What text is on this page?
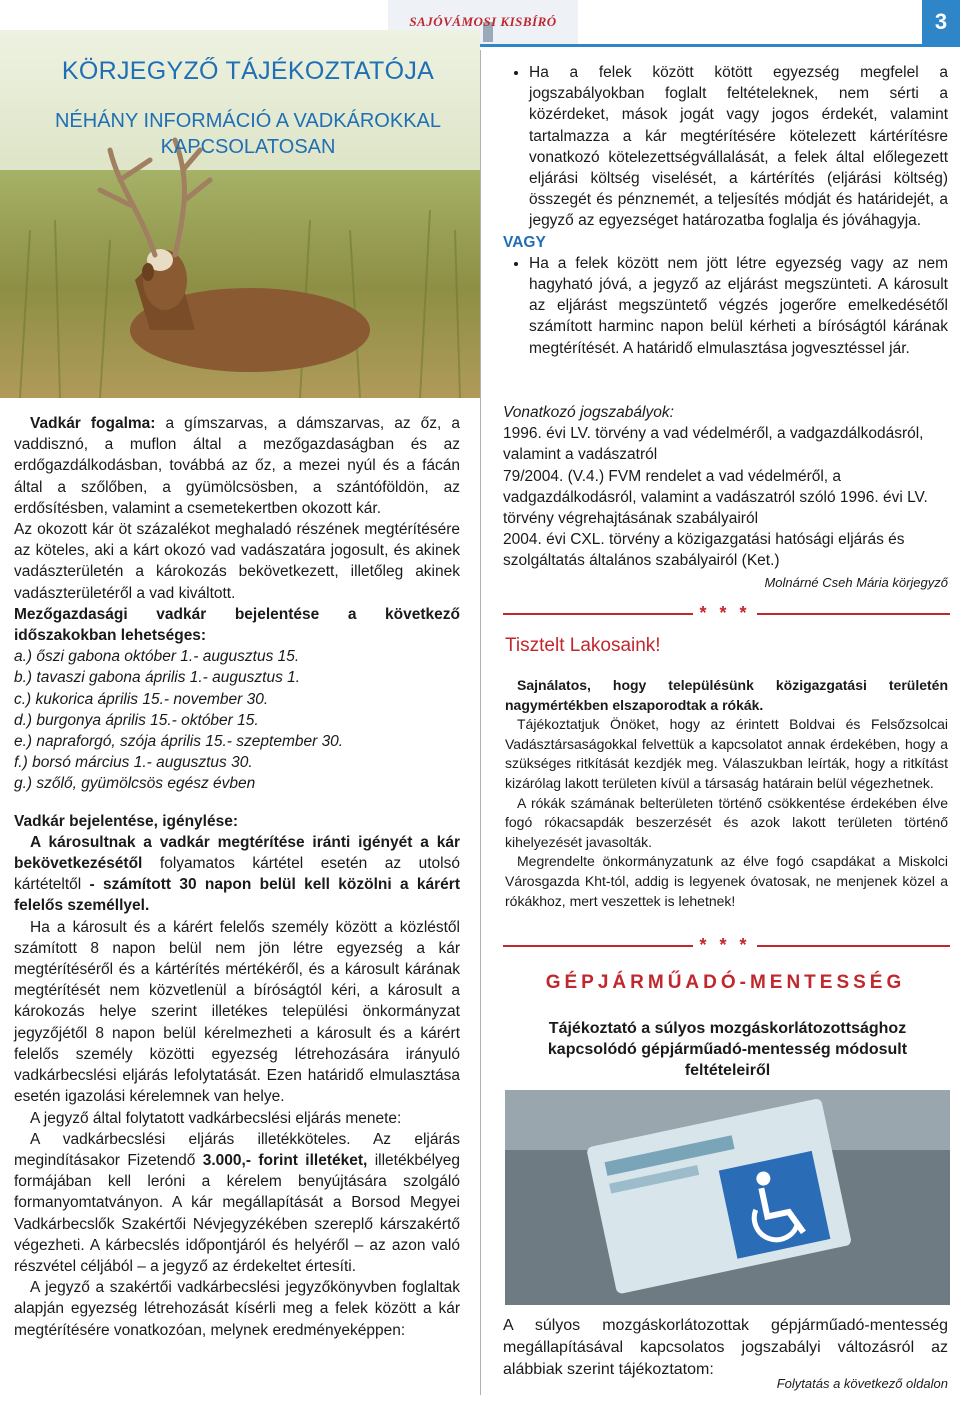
SAJÓVÁMOSI KISBÍRÓ	3
KÖRJEGYZŐ TÁJÉKOZTATÓJA
NÉHÁNY INFORMÁCIÓ A VADKÁROKKAL
KAPCSOLATOSAN

Vadkár fogalma: a gímszarvas, a dámszarvas, az őz, a vaddisznó, a muflon által a mezőgazdaságban és az erdőgazdálkodásban, továbbá az őz, a mezei nyúl és a fácán által a szőlőben, a gyümölcsösben, a szántóföldön, az erdősítésben, valamint a csemetekertben okozott kár.

Az okozott kár öt százalékot meghaladó részének megtérítésére az köteles, aki a kárt okozó vad vadászatára jogosult, és akinek vadászterületén a károkozás bekövetkezett, illetőleg akinek vadászterületéről a vad kiváltott.

Mezőgazdasági vadkár bejelentése a következő időszakokban lehetséges:

a.) őszi gabona október 1.- augusztus 15.
b.) tavaszi gabona április 1.- augusztus 1.
c.) kukorica április 15.- november 30.
d.) burgonya április 15.- október 15.
e.) napraforgó, szója április 15.- szeptember 30.
f.) borsó március 1.- augusztus 30.
g.) szőlő, gyümölcsös egész évben

Vadkár bejelentése, igénylése:

A károsultnak a vadkár megtérítése iránti igényét a kár bekövetkezésétől folyamatos kártétel esetén az utolsó kártételtől - számított 30 napon belül kell közölni a kárért felelős személlyel.

Ha a károsult és a kárért felelős személy között a közléstől számított 8 napon belül nem jön létre egyezség a kár megtérítéséről és a kártérítés mértékéről, és a károsult kárának megtérítését nem közvetlenül a bíróságtól kéri, a károsult a károkozás helye szerint illetékes települési önkormányzat jegyzőjétől 8 napon belül kérelmezheti a károsult és a kárért felelős személy közötti egyezség létrehozására irányuló vadkárbecslési eljárás lefolytatását. Ezen határidő elmulasztása esetén igazolási kérelemnek van helye.

A jegyző által folytatott vadkárbecslési eljárás menete:

A vadkárbecslési eljárás illetékköteles. Az eljárás megindításakor Fizetendő 3.000,- forint illetéket, illetékbélyeg formájában kell leróni a kérelem benyújtására szolgáló formanyomtatványon. A kár megállapítását a Borsod Megyei Vadkárbecslők Szakértői Névjegyzékében szereplő kárszakértő végezheti. A kárbecslés időpontjáról és helyéről – az azon való részvétel céljából – a jegyző az érdekeltet értesíti.

A jegyző a szakértői vadkárbecslési jegyzőkönyvben foglaltak alapján egyezség létrehozását kísérli meg a felek között a kár megtérítésére vonatkozóan, melynek eredményeképpen:

• Ha a felek között kötött egyezség megfelel a jogszabályokban foglalt feltételeknek, nem sérti a közérdeket, mások jogát vagy jogos érdekét, valamint tartalmazza a kár megtérítésére kötelezett kártérítésre vonatkozó kötelezettségvállalását, a felek által előlegezett eljárási költség viselését, a kártérítés (eljárási költség) összegét és pénznemét, a teljesítés módját és határidejét, a jegyző az egyezséget határozatba foglalja és jóváhagyja.

VAGY

• Ha a felek között nem jött létre egyezség vagy az nem hagyható jóvá, a jegyző az eljárást megszünteti. A károsult az eljárást megszüntető végzés jogerőre emelkedésétől számított harminc napon belül kérheti a bíróságtól kárának megtérítését. A határidő elmulasztása jogvesztéssel jár.

Vonatkozó jogszabályok:

1996. évi LV. törvény a vad védelméről, a vadgazdálkodásról, valamint a vadászatról

79/2004. (V.4.) FVM rendelet a vad védelméről, a vadgazdálkodásról, valamint a vadászatról szóló 1996. évi LV. törvény végrehajtásának szabályairól

2004. évi CXL. törvény a közigazgatási hatósági eljárás és szolgáltatás általános szabályairól (Ket.)

Molnárné Cseh Mária körjegyző

* * *
Tisztelt Lakosaink!

Sajnálatos, hogy településünk közigazgatási területén nagymértékben elszaporodtak a rókák.

Tájékoztatjuk Önöket, hogy az érintett Boldvai és Felsőzsolcai Vadásztársaságokkal felvettük a kapcsolatot annak érdekében, hogy a szükséges ritkítását kezdjék meg. Válaszukban leírták, hogy a ritkítást kizárólag lakott területen kívül a társaság határain belül végezhetnek.

A rókák számának belterületen történő csökkentése érdekében élve fogó rókacsapdák beszerzését és azok lakott területen történő kihelyezését javasolták.

Megrendelte önkormányzatunk az élve fogó csapdákat a Miskolci Városgazda Kht-tól, addig is legyenek óvatosak, ne menjenek közel a rókákhoz, mert veszettek is lehetnek!

* * *
GÉPJÁRMŰADÓ-MENTESSÉG
Tájékoztató a súlyos mozgáskorlátozottsághoz kapcsolódó gépjárműadó-mentesség módosult feltételeiről
A súlyos mozgáskorlátozottak gépjárműadó-mentesség megállapításával kapcsolatos jogszabályi változásról az alábbiak szerint tájékoztatom:
Folytatás a következő oldalon
